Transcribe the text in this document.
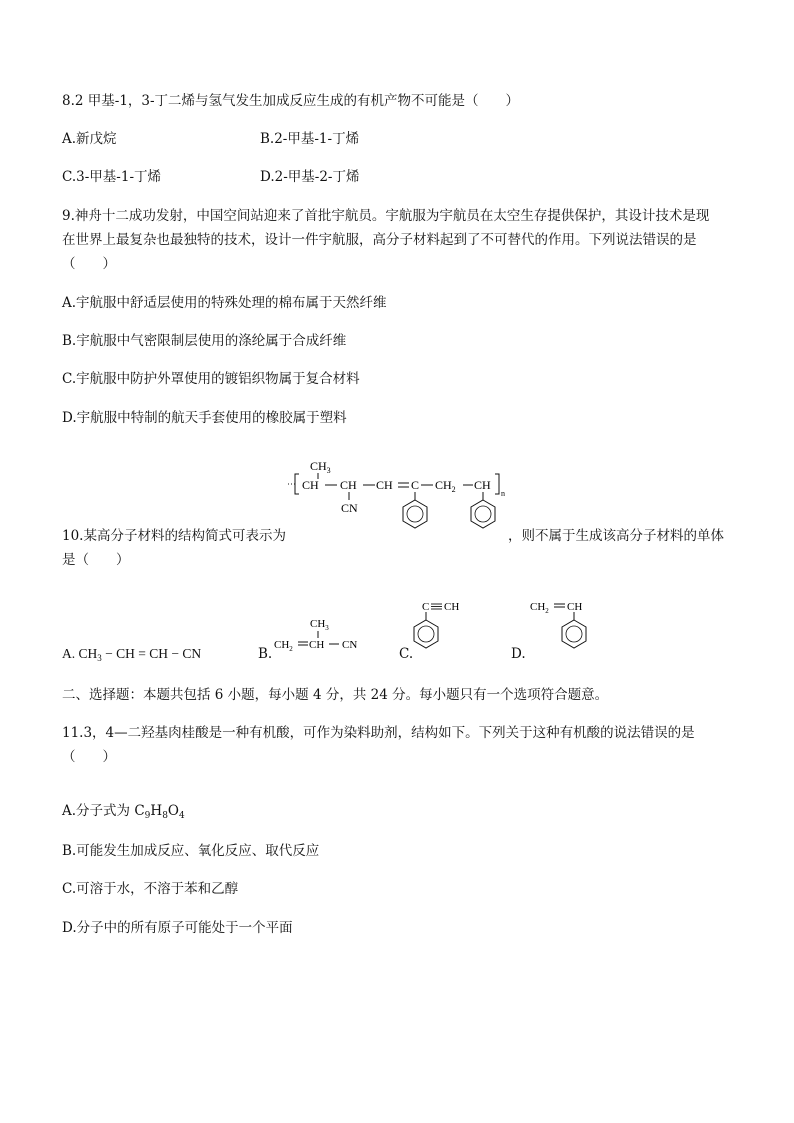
8.2 甲基-1，3-丁二烯与氢气发生加成反应生成的有机产物不可能是（　　）
A.新戊烷	B.2-甲基-1-丁烯
C.3-甲基-1-丁烯	D.2-甲基-2-丁烯
9.神舟十二成功发射，中国空间站迎来了首批宇航员。宇航服为宇航员在太空生存提供保护，其设计技术是现
在世界上最复杂也最独特的技术，设计一件宇航服，高分子材料起到了不可替代的作用。下列说法错误的是
（　　）
A.宇航服中舒适层使用的特殊处理的棉布属于天然纤维
B.宇航服中气密限制层使用的涤纶属于合成纤维
C.宇航服中防护外罩使用的镀铝织物属于复合材料
D.宇航服中特制的航天手套使用的橡胶属于塑料
$CH_3$
CH CH CH C $CH_2$ CH
n
CN
10.某高分子材料的结构简式可表示为	，则不属于生成该高分子材料的单体
是（　　）
A. $CH_3$ − CH = CH − CN	B.
$CH_3$
$CH_2$ CH CN
C.
C CH
D.
$CH_2$ CH
二、选择题：本题共包括 6 小题，每小题 4 分，共 24 分。每小题只有一个选项符合题意。
11.3，4—二羟基肉桂酸是一种有机酸，可作为染料助剂，结构如下。下列关于这种有机酸的说法错误的是
（　　）
A.分子式为 $C_9H_8O_4$
B.可能发生加成反应、氧化反应、取代反应
C.可溶于水，不溶于苯和乙醇
D.分子中的所有原子可能处于一个平面
